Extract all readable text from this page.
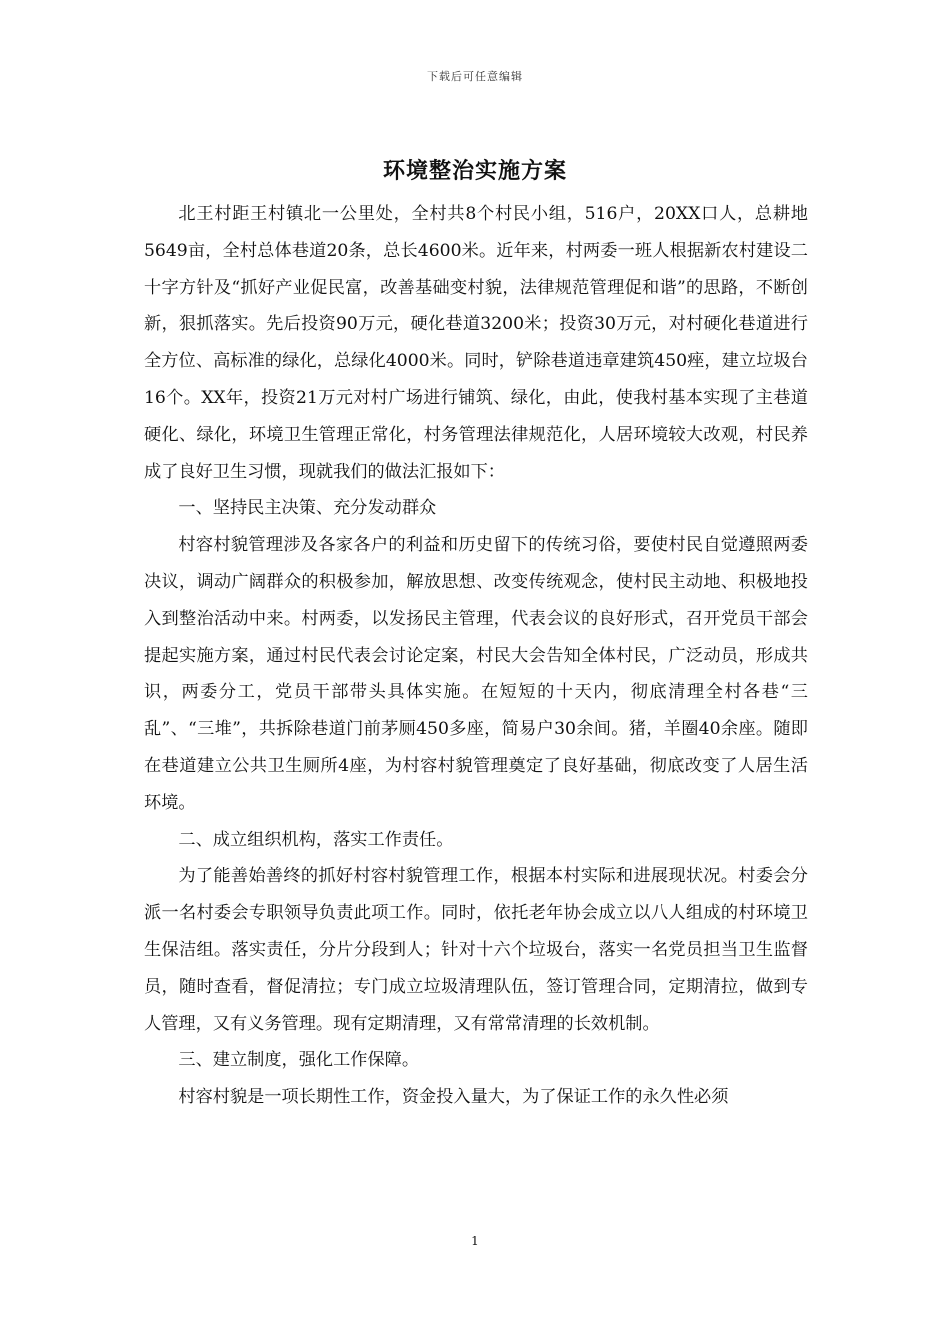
下载后可任意编辑
环境整治实施方案

北王村距王村镇北一公里处，全村共8个村民小组，516户，20XX口人，总耕地5649亩，全村总体巷道20条，总长4600米。近年来，村两委一班人根据新农村建设二十字方针及“抓好产业促民富，改善基础变村貌，法律规范管理促和谐”的思路，不断创新，狠抓落实。先后投资90万元，硬化巷道3200米；投资30万元，对村硬化巷道进行全方位、高标准的绿化，总绿化4000米。同时，铲除巷道违章建筑450痤，建立垃圾台16个。XX年，投资21万元对村广场进行铺筑、绿化，由此，使我村基本实现了主巷道硬化、绿化，环境卫生管理正常化，村务管理法律规范化，人居环境较大改观，村民养成了良好卫生习惯，现就我们的做法汇报如下：

一、坚持民主决策、充分发动群众

村容村貌管理涉及各家各户的利益和历史留下的传统习俗，要使村民自觉遵照两委决议，调动广阔群众的积极参加，解放思想、改变传统观念，使村民主动地、积极地投入到整治活动中来。村两委，以发扬民主管理，代表会议的良好形式，召开党员干部会提起实施方案，通过村民代表会讨论定案，村民大会告知全体村民，广泛动员，形成共识，两委分工，党员干部带头具体实施。在短短的十天内，彻底清理全村各巷“三乱”、“三堆”，共拆除巷道门前茅厕450多座，简易户30余间。猪，羊圈40余座。随即在巷道建立公共卫生厕所4座，为村容村貌管理奠定了良好基础，彻底改变了人居生活环境。

二、成立组织机构，落实工作责任。

为了能善始善终的抓好村容村貌管理工作，根据本村实际和进展现状况。村委会分派一名村委会专职领导负责此项工作。同时，依托老年协会成立以八人组成的村环境卫生保洁组。落实责任，分片分段到人；针对十六个垃圾台，落实一名党员担当卫生监督员，随时查看，督促清拉；专门成立垃圾清理队伍，签订管理合同，定期清拉，做到专人管理，又有义务管理。现有定期清理，又有常常清理的长效机制。

三、建立制度，强化工作保障。

村容村貌是一项长期性工作，资金投入量大，为了保证工作的永久性必须

1
